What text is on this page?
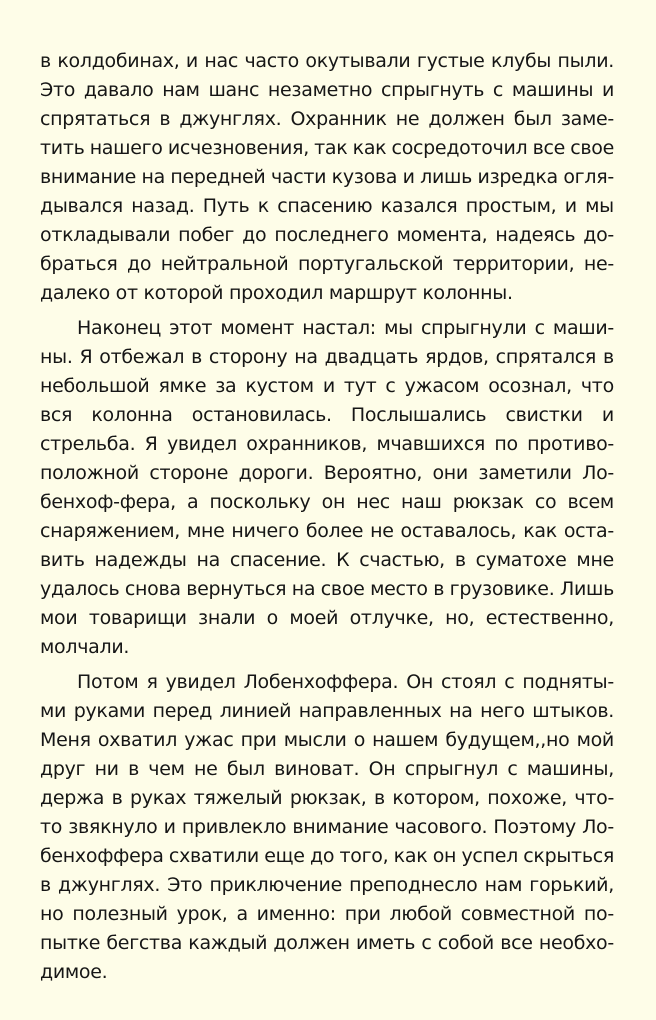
в колдобинах, и нас часто окутывали густые клубы пыли.
Это давало нам шанс незаметно спрыгнуть с машины и
спрятаться в джунглях. Охранник не должен был заме-
тить нашего исчезновения, так как сосредоточил все свое
внимание на передней части кузова и лишь изредка огля-
дывался назад. Путь к спасению казался простым, и мы
откладывали побег до последнего момента, надеясь до-
браться до нейтральной португальской территории, не-
далеко от которой проходил маршрут колонны.
Наконец этот момент настал: мы спрыгнули с маши-
ны. Я отбежал в сторону на двадцать ярдов, спрятался в
небольшой ямке за кустом и тут с ужасом осознал, что
вся колонна остановилась. Послышались свистки и
стрельба. Я увидел охранников, мчавшихся по противо-
положной стороне дороги. Вероятно, они заметили Ло-
бенхоф-фера, а поскольку он нес наш рюкзак со всем
снаряжением, мне ничего более не оставалось, как оста-
вить надежды на спасение. К счастью, в суматохе мне
удалось снова вернуться на свое место в грузовике. Лишь
мои товарищи знали о моей отлучке, но, естественно,
молчали.
Потом я увидел Лобенхоффера. Он стоял с подняты-
ми руками перед линией направленных на него штыков.
Меня охватил ужас при мысли о нашем будущем,,но мой
друг ни в чем не был виноват. Он спрыгнул с машины,
держа в руках тяжелый рюкзак, в котором, похоже, что-
то звякнуло и привлекло внимание часового. Поэтому Ло-
бенхоффера схватили еще до того, как он успел скрыться
в джунглях. Это приключение преподнесло нам горький,
но полезный урок, а именно: при любой совместной по-
пытке бегства каждый должен иметь с собой все необхо-
димое.
